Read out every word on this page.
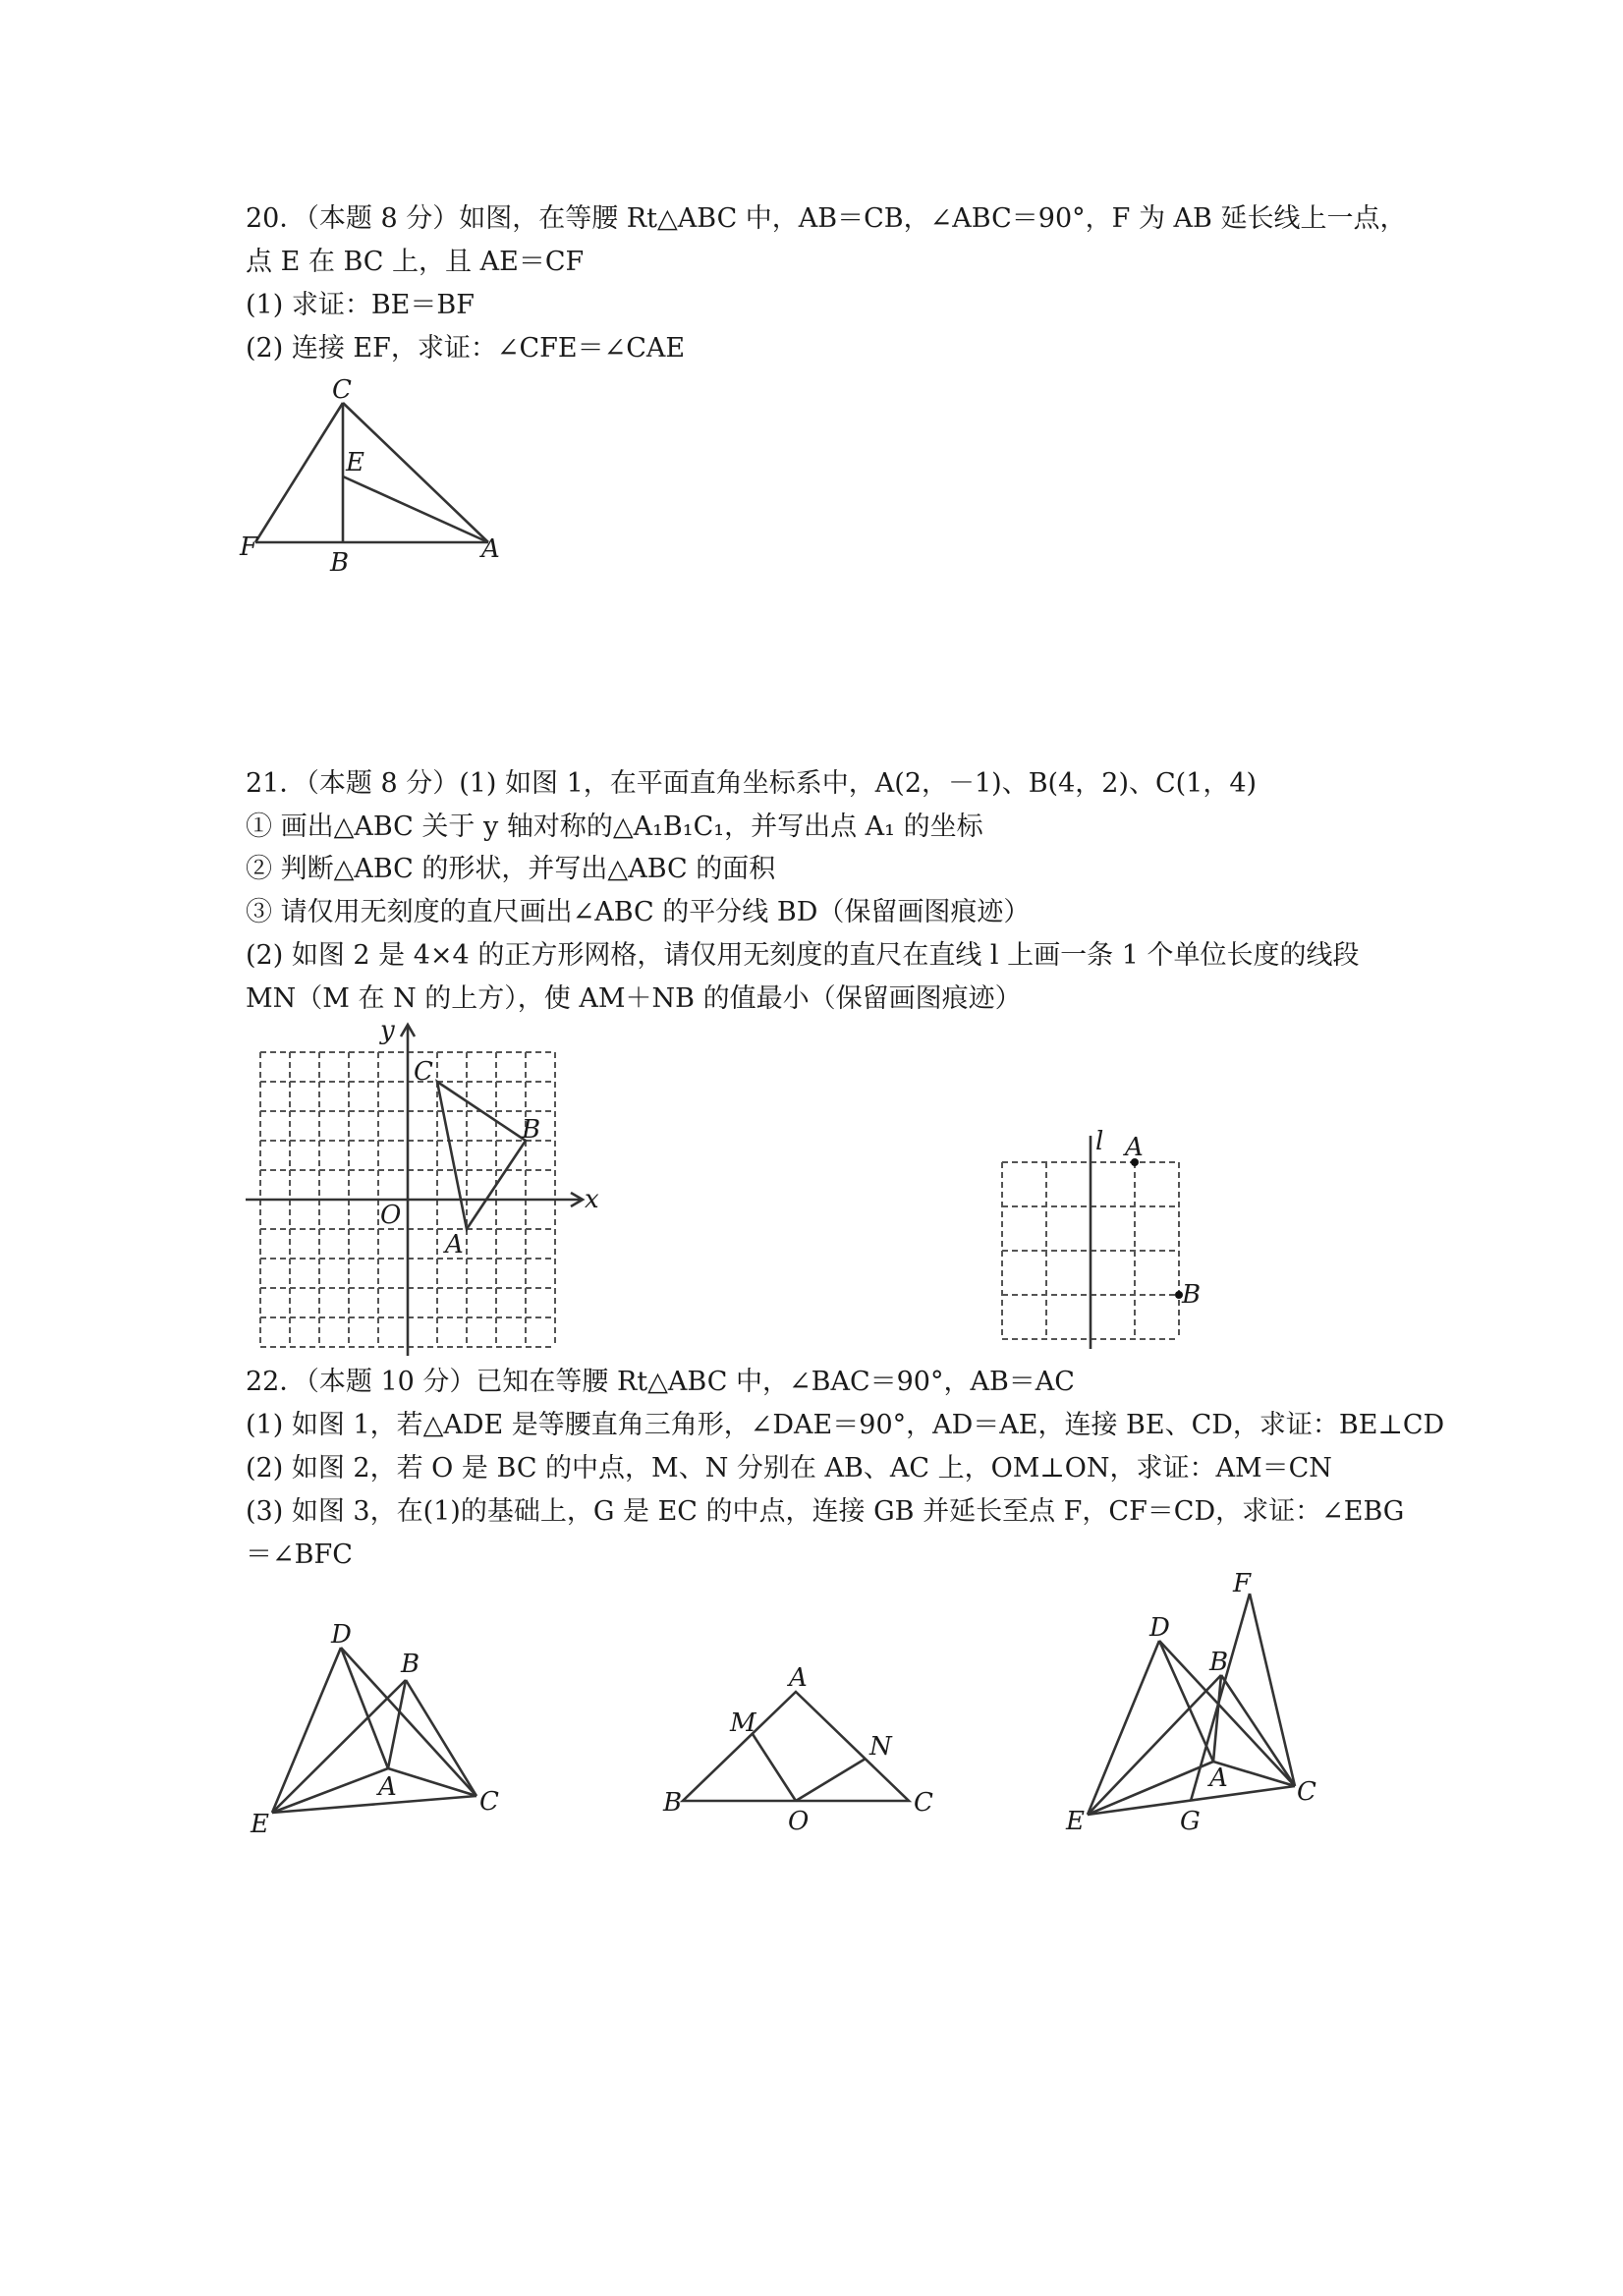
20．（本题 8 分）如图，在等腰 Rt△ABC 中，AB＝CB，∠ABC＝90°，F 为 AB 延长线上一点，
点 E 在 BC 上，且 AE＝CF
(1) 求证：BE＝BF
(2) 连接 EF，求证：∠CFE＝∠CAE
C
E
F
B	A
21．（本题 8 分）(1) 如图 1，在平面直角坐标系中，A(2，－1)、B(4，2)、C(1，4)
① 画出△ABC 关于 y 轴对称的△A₁B₁C₁，并写出点 A₁ 的坐标
② 判断△ABC 的形状，并写出△ABC 的面积
③ 请仅用无刻度的直尺画出∠ABC 的平分线 BD（保留画图痕迹）
(2) 如图 2 是 4×4 的正方形网格，请仅用无刻度的直尺在直线 l 上画一条 1 个单位长度的线段
MN（M 在 N 的上方），使 AM＋NB 的值最小（保留画图痕迹）
y
x
O
C
B
A
l A
B
22．（本题 10 分）已知在等腰 Rt△ABC 中，∠BAC＝90°，AB＝AC
(1) 如图 1，若△ADE 是等腰直角三角形，∠DAE＝90°，AD＝AE，连接 BE、CD，求证：BE⊥CD
(2) 如图 2，若 O 是 BC 的中点，M、N 分别在 AB、AC 上，OM⊥ON，求证：AM＝CN
(3) 如图 3，在(1)的基础上，G 是 EC 的中点，连接 GB 并延长至点 F，CF＝CD，求证：∠EBG
＝∠BFC
D
B
E
A	C
A
M
N
B
O
C
F
D
B
A
E	G
C
